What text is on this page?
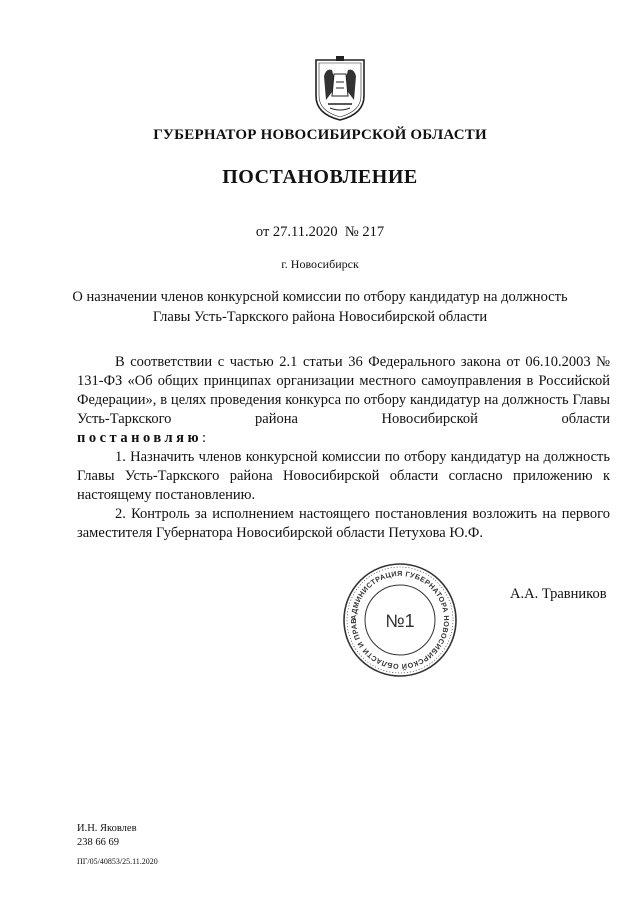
ГУБЕРНАТОР НОВОСИБИРСКОЙ ОБЛАСТИ
ПОСТАНОВЛЕНИЕ
от 27.11.2020  № 217
г. Новосибирск
О назначении членов конкурсной комиссии по отбору кандидатур на должность
Главы Усть-Таркского района Новосибирской области

В соответствии с частью 2.1 статьи 36 Федерального закона от 06.10.2003 № 131-ФЗ «Об общих принципах организации местного самоуправления в Российской Федерации», в целях проведения конкурса по отбору кандидатур на должность Главы Усть-Таркского района Новосибирской области

постановляю:

1. Назначить членов конкурсной комиссии по отбору кандидатур на должность Главы Усть-Таркского района Новосибирской области согласно приложению к настоящему постановлению.

2. Контроль за исполнением настоящего постановления возложить на первого заместителя Губернатора Новосибирской области Петухова Ю.Ф.

АДМИНИСТРАЦИЯ ГУБЕРНАТОРА НОВОСИБИРСКОЙ ОБЛАСТИ И ПРАВ	№1
А.А. Травников
И.Н. Яковлев
238 66 69
ПГ/05/40853/25.11.2020
